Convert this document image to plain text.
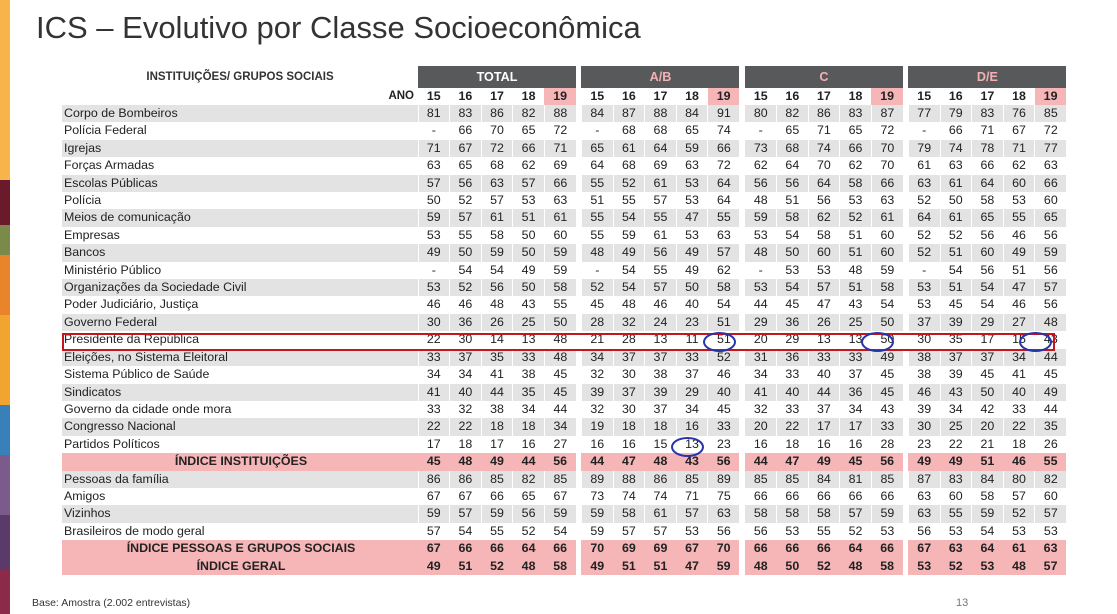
ICS – Evolutivo por Classe Socioeconômica
INSTITUIÇÕES/ GRUPOS SOCIAIS	TOTAL						A/B						C						D/E				
ANO	15	16	17	18	19		15	16	17	18	19		15	16	17	18	19		15	16	17	18	19
Corpo de Bombeiros	81	83	86	82	88		84	87	88	84	91		80	82	86	83	87		77	79	83	76	85
Polícia Federal	-	66	70	65	72		-	68	68	65	74		-	65	71	65	72		-	66	71	67	72
Igrejas	71	67	72	66	71		65	61	64	59	66		73	68	74	66	70		79	74	78	71	77
Forças Armadas	63	65	68	62	69		64	68	69	63	72		62	64	70	62	70		61	63	66	62	63
Escolas Públicas	57	56	63	57	66		55	52	61	53	64		56	56	64	58	66		63	61	64	60	66
Polícia	50	52	57	53	63		51	55	57	53	64		48	51	56	53	63		52	50	58	53	60
Meios de comunicação	59	57	61	51	61		55	54	55	47	55		59	58	62	52	61		64	61	65	55	65
Empresas	53	55	58	50	60		55	59	61	53	63		53	54	58	51	60		52	52	56	46	56
Bancos	49	50	59	50	59		48	49	56	49	57		48	50	60	51	60		52	51	60	49	59
Ministério Público	-	54	54	49	59		-	54	55	49	62		-	53	53	48	59		-	54	56	51	56
Organizações da Sociedade Civil	53	52	56	50	58		52	54	57	50	58		53	54	57	51	58		53	51	54	47	57
Poder Judiciário, Justiça	46	46	48	43	55		45	48	46	40	54		44	45	47	43	54		53	45	54	46	56
Governo Federal	30	36	26	25	50		28	32	24	23	51		29	36	26	25	50		37	39	29	27	48
Presidente da República	22	30	14	13	48		21	28	13	11	51		20	29	13	13	50		30	35	17	15	43
Eleições, no Sistema Eleitoral	33	37	35	33	48		34	37	37	33	52		31	36	33	33	49		38	37	37	34	44
Sistema Público de Saúde	34	34	41	38	45		32	30	38	37	46		34	33	40	37	45		38	39	45	41	45
Sindicatos	41	40	44	35	45		39	37	39	29	40		41	40	44	36	45		46	43	50	40	49
Governo da cidade onde mora	33	32	38	34	44		32	30	37	34	45		32	33	37	34	43		39	34	42	33	44
Congresso Nacional	22	22	18	18	34		19	18	18	16	33		20	22	17	17	33		30	25	20	22	35
Partidos Políticos	17	18	17	16	27		16	16	15	13	23		16	18	16	16	28		23	22	21	18	26
ÍNDICE INSTITUIÇÕES	45	48	49	44	56		44	47	48	43	56		44	47	49	45	56		49	49	51	46	55
Pessoas da família	86	86	85	82	85		89	88	86	85	89		85	85	84	81	85		87	83	84	80	82
Amigos	67	67	66	65	67		73	74	74	71	75		66	66	66	66	66		63	60	58	57	60
Vizinhos	59	57	59	56	59		59	58	61	57	63		58	58	58	57	59		63	55	59	52	57
Brasileiros de modo geral	57	54	55	52	54		59	57	57	53	56		56	53	55	52	53		56	53	54	53	53
ÍNDICE PESSOAS E GRUPOS SOCIAIS	67	66	66	64	66		70	69	69	67	70		66	66	66	64	66		67	63	64	61	63
ÍNDICE GERAL	49	51	52	48	58		49	51	51	47	59		48	50	52	48	58		53	52	53	48	57
Base: Amostra (2.002 entrevistas)	13
